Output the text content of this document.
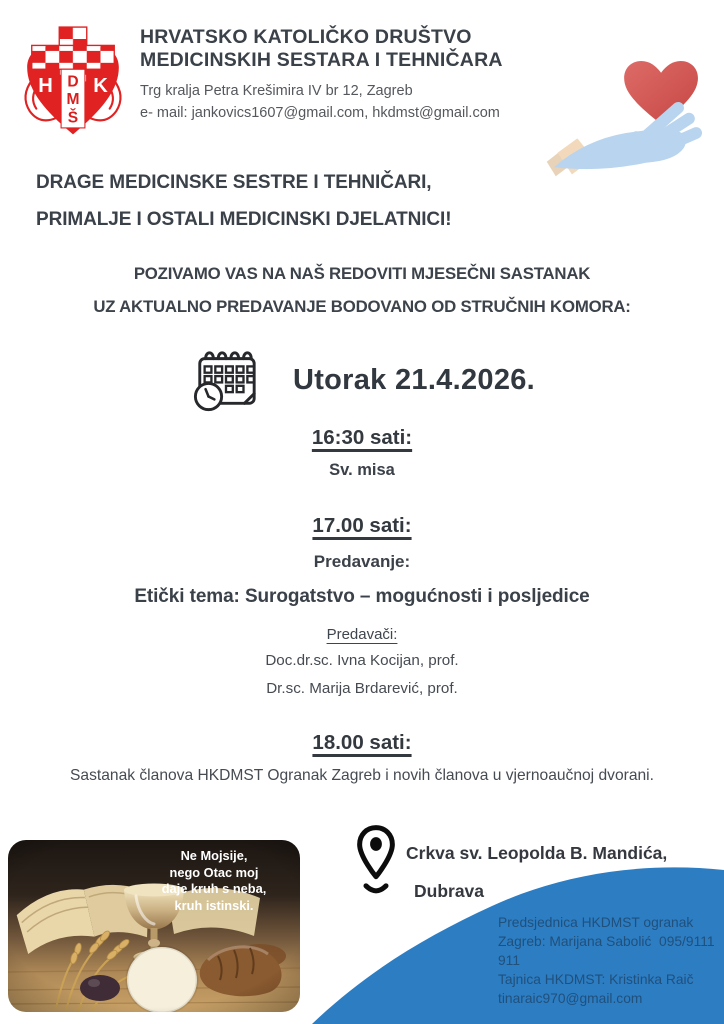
H K
D
M
Š
HRVATSKO KATOLIČKO DRUŠTVO
MEDICINSKIH SESTARA I TEHNIČARA
Trg kralja Petra Krešimira IV br 12, Zagreb
e- mail: jankovics1607@gmail.com, hkdmst@gmail.com
DRAGE MEDICINSKE SESTRE I TEHNIČARI,
PRIMALJE I OSTALI MEDICINSKI DJELATNICI!
POZIVAMO VAS NA NAŠ REDOVITI MJESEČNI SASTANAK
UZ AKTUALNO PREDAVANJE BODOVANO OD STRUČNIH KOMORA:
Utorak 21.4.2026.
16:30 sati:
Sv. misa
17.00 sati:
Predavanje:
Etički tema: Surogatstvo – mogućnosti i posljedice
Predavači:
Doc.dr.sc. Ivna Kocijan, prof.
Dr.sc. Marija Brdarević, prof.
18.00 sati:
Sastanak članova HKDMST Ogranak Zagreb i novih članova u vjernoaučnoj dvorani.
Ne Mojsije,
nego Otac moj
daje kruh s neba,
kruh istinski.
Crkva sv. Leopolda B. Mandića,
Dubrava
Predsjednica HKDMST ogranak
Zagreb: Marijana Sabolić  095/9111
911
Tajnica HKDMST: Kristinka Raič
tinaraic970@gmail.com
